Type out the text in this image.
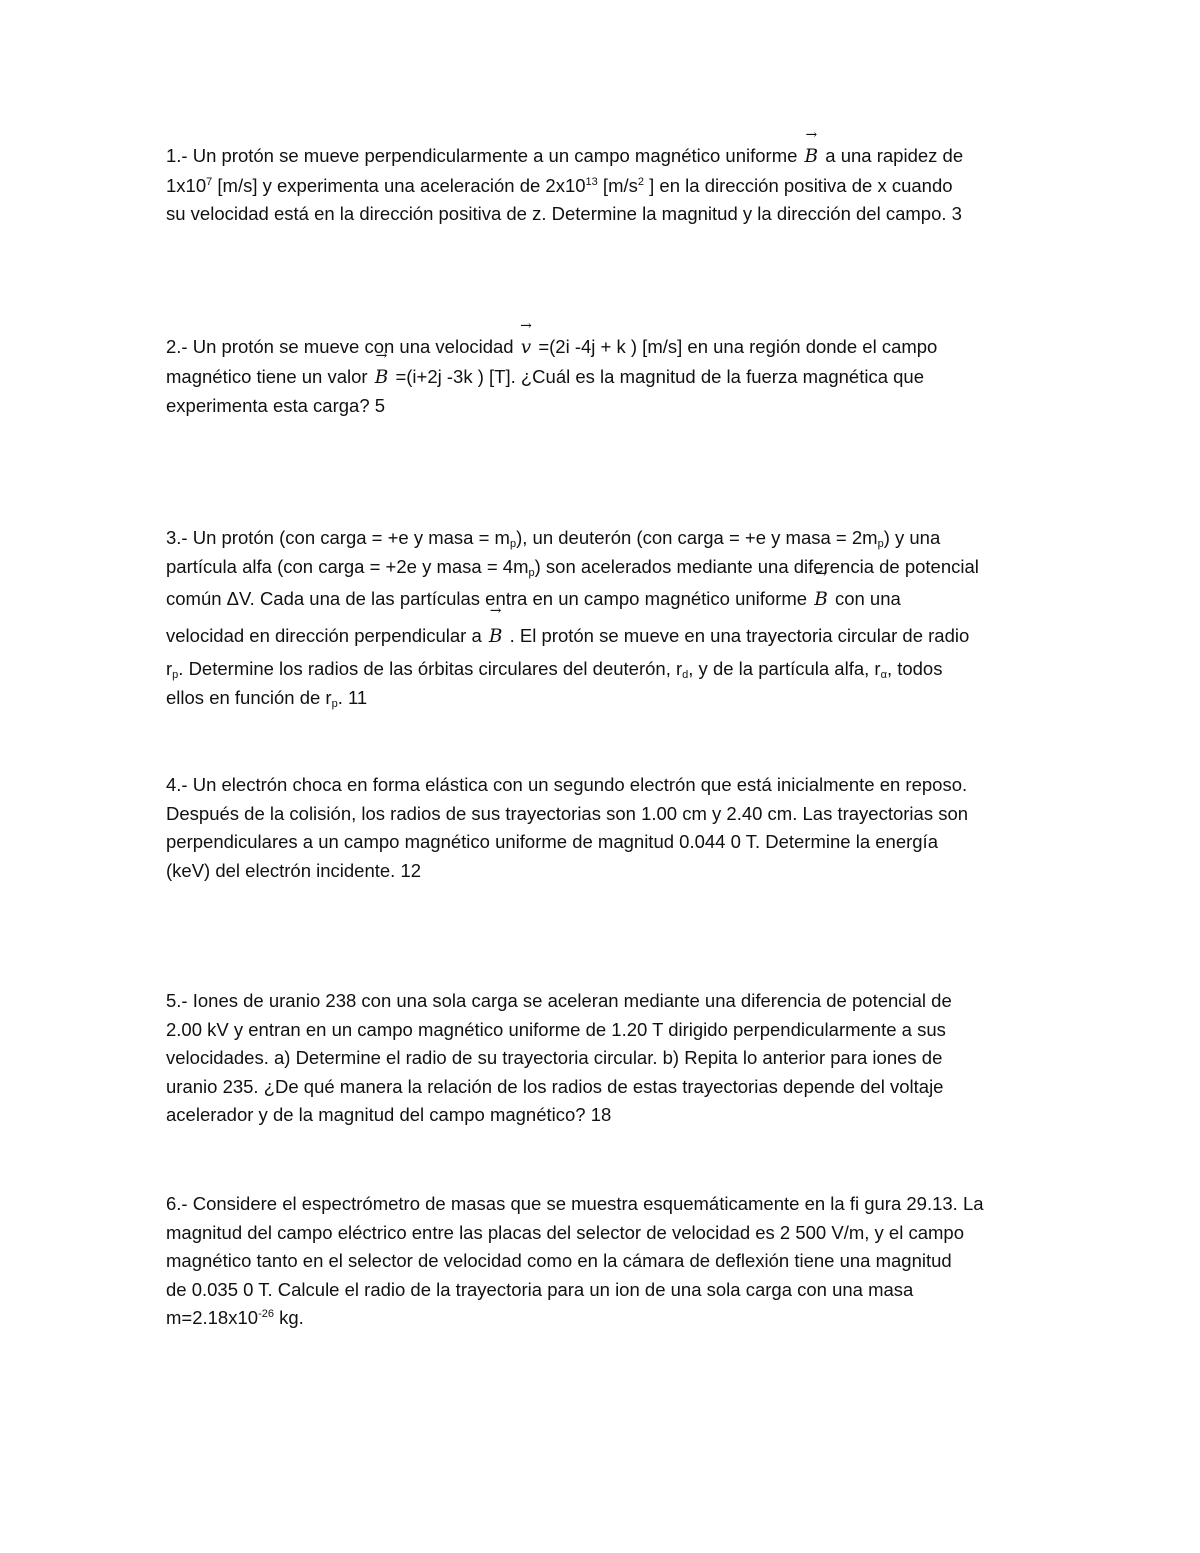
1.- Un protón se mueve perpendicularmente a un campo magnético uniforme → B a una rapidez de
$1x10^7$ [m/s] y experimenta una aceleración de $2x10^{13}$ [$m/s^2$ ] en la dirección positiva de x cuando
su velocidad está en la dirección positiva de z. Determine la magnitud y la dirección del campo. 3
2.- Un protón se mueve con una velocidad → v =(2i -4j + k ) [m/s] en una región donde el campo
magnético tiene un valor → B =(i+2j -3k ) [T]. ¿Cuál es la magnitud de la fuerza magnética que
experimenta esta carga? 5
3.- Un protón (con carga = +e y masa = $m_p$), un deuterón (con carga = +e y masa = $2m_p$) y una
partícula alfa (con carga = +2e y masa = $4m_p$) son acelerados mediante una diferencia de potencial
común ΔV. Cada una de las partículas entra en un campo magnético uniforme → B con una
velocidad en dirección perpendicular a → B . El protón se mueve en una trayectoria circular de radio
$r_p$. Determine los radios de las órbitas circulares del deuterón, $r_d$, y de la partícula alfa, $r_\alpha$, todos
ellos en función de $r_p$. 11
4.- Un electrón choca en forma elástica con un segundo electrón que está inicialmente en reposo.
Después de la colisión, los radios de sus trayectorias son 1.00 cm y 2.40 cm. Las trayectorias son
perpendiculares a un campo magnético uniforme de magnitud 0.044 0 T. Determine la energía
(keV) del electrón incidente. 12
5.- Iones de uranio 238 con una sola carga se aceleran mediante una diferencia de potencial de
2.00 kV y entran en un campo magnético uniforme de 1.20 T dirigido perpendicularmente a sus
velocidades. a) Determine el radio de su trayectoria circular. b) Repita lo anterior para iones de
uranio 235. ¿De qué manera la relación de los radios de estas trayectorias depende del voltaje
acelerador y de la magnitud del campo magnético? 18
6.- Considere el espectrómetro de masas que se muestra esquemáticamente en la fi gura 29.13. La
magnitud del campo eléctrico entre las placas del selector de velocidad es 2 500 V/m, y el campo
magnético tanto en el selector de velocidad como en la cámara de deflexión tiene una magnitud
de 0.035 0 T. Calcule el radio de la trayectoria para un ion de una sola carga con una masa
$m=2.18x10^{-26}$ kg.
